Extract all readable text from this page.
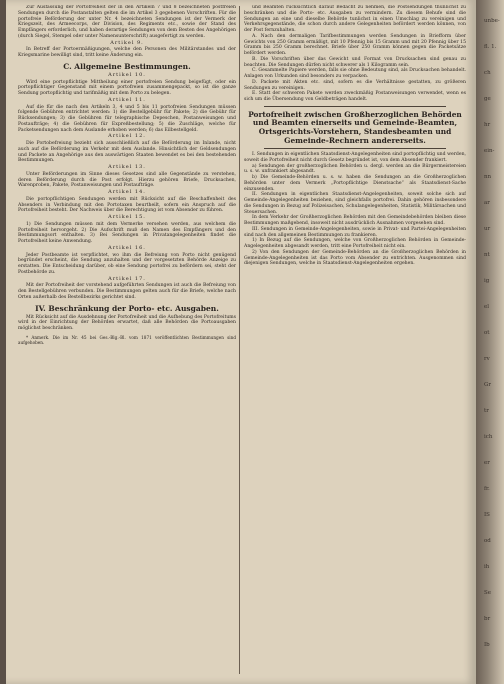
Zur Ausfassung der Portofreiheit der in den Artikeln 7 und 8 bezeichneten postfreien Sendungen durch die Postanstalten gelten die im Artikel 3 gegebenen Vorschriften. Für die portofreie Beförderung der unter Nr. 4 bezeichneten Sendungen ist der Vermerk der Kriegszeit, des Armeecorps, der Division, des Regiments etc., sowie der Stand des Empfängers erforderlich, und haben derartige Sendungen von dem Besten des Angehörigen (durch Siegel, Stempel oder unter Namensunterschrift) ausgefertigt zu werden.

Artikel 9.

In Betreff der Portoermäßigungen, welche den Personen des Militärstandes und der Kriegsmarine bewilligt sind, tritt keine Änderung ein.

C. Allgemeine Bestimmungen.

Artikel 10.

Wird eine portopflichtige Mittheilung einer portofreien Sendung beigefügt, oder ein portopflichtiger Gegenstand mit einem portofreien zusammengepackt, so ist die ganze Sendung portopflichtig und tarifmäßig mit dem Porto zu belegen.

Artikel 11.

Auf die für die nach den Artikeln 3, 4 und 5 bis 11 portofreien Sendungen müssen folgende Gebühren entrichtet werden: 1) die Bestellgebühr für Pakete; 2) die Gebühr für Rücksendungen; 3) die Gebühren für telegraphische Depeschen, Postanweisungen und Postaufträge; 4) die Gebühren für Expreßbestellung; 5) die Zuschläge, welche für Packetsendungen nach dem Auslande erhoben werden; 6) das Eilbestellgeld.

Artikel 12.

Die Portobefreiung bezieht sich ausschließlich auf die Beförderung im Inlande, nicht auch auf die Beförderung im Verkehr mit dem Auslande. Hinsichtlich der Geldsendungen und Packete an Angehörige aus den auswärtigen Staaten bewendet es bei den bestehenden Bestimmungen.

Artikel 13.

Unter Beförderungen im Sinne dieses Gesetzes sind alle Gegenstände zu verstehen, deren Beförderung durch die Post erfolgt. Hierzu gehören Briefe, Drucksachen, Warenproben, Pakete, Postanweisungen und Postaufträge.

Artikel 14.

Die portopflichtigen Sendungen werden mit Rücksicht auf die Beschaffenheit des Absenders in Verbindung mit den Portotaxen beurtheilt, sofern ein Anspruch auf die Portofreiheit besteht. Der Nachweis über die Berechtigung ist vom Absender zu führen.

Artikel 15.

1) Die Sendungen müssen mit dem Vermerke versehen werden, aus welchem die Portofreiheit hervorgeht. 2) Die Aufschrift muß den Namen des Empfängers und den Bestimmungsort enthalten. 3) Bei Sendungen in Privatangelegenheiten findet die Portofreiheit keine Anwendung.

Artikel 16.

Jeder Postbeamte ist verpflichtet, wo ihm die Befreiung von Porto nicht genügend begründet erscheint, die Sendung anzuhalten und der vorgesetzten Behörde Anzeige zu erstatten. Die Entscheidung darüber, ob eine Sendung portofrei zu befördern sei, steht der Postbehörde zu.

Artikel 17.

Mit der Portofreiheit der vorstehend aufgeführten Sendungen ist auch die Befreiung von den Bestellgebühren verbunden. Die Bestimmungen gelten auch für die Briefe, welche nach Orten außerhalb des Bestellbezirks gerichtet sind.

IV. Beschränkung der Porto- etc. Ausgaben.

Mit Rücksicht auf die Ausdehnung der Portofreiheit und die Aufhebung des Portofreitums wird in der Einrichtung der Behörden erwartet, daß alle Behörden die Portoausgaben möglichst beschränken.

* Anmerk. Die im Nr. 45 bei Ges.-Blg.-Bl. vom 1871 veröffentlichten Bestimmungen sind aufgehoben.

und Beamten rücksichtlich darauf Bedacht zu nehmen, die Postsendungen thunlichst zu beschränken und die Porto- etc. Ausgaben zu vermindern. Zu diesem Behufe sind die Sendungen an eine und dieselbe Behörde tunlichst in einen Umschlag zu vereinigen und Verkehrsgegenstände, die schon durch andere Gelegenheiten befördert werden können, von der Post fernzuhalten.

A. Nach den dermaligen Tarifbestimmungen werden Sendungen in Briefform über Gewichts von 250 Gramm ermäßigt, mit 10 Pfennig bis 15 Gramm und mit 20 Pfennig über 15 Gramm bis 250 Gramm berechnet. Briefe über 250 Gramm können gegen die Packetsätze befördert werden.

B. Die Vorschriften über das Gewicht und Format von Drucksachen sind genau zu beachten. Die Sendungen dürfen nicht schwerer als 1 Kilogramm sein.

C. Gesammelte Papiere werden, falls sie ohne Bedeutung sind, als Drucksachen behandelt. Anlagen von Urkunden sind besonders zu verpacken.

D. Packete mit Akten etc. sind, sofern es die Verhältnisse gestatten, zu größeren Sendungen zu vereinigen.

E. Statt der schweren Pakete werden zweckmäßig Postanweisungen verwendet, wenn es sich um die Übersendung von Geldbeträgen handelt.

Portofreiheit zwischen Großherzoglichen Behörden und Beamten einerseits und Gemeinde-Beamten, Ortsgerichts-Vorstehern, Standesbeamten und Gemeinde-Rechnern andererseits.

I. Sendungen in eigentlichen Staatsdienst-Angelegenheiten sind portopflichtig und werden, soweit die Portofreiheit nicht durch Gesetz begründet ist, von dem Absender frankiert.

a) Sendungen der großherzoglichen Behörden u. dergl. werden an die Bürgermeistereien u. s. w. unfrankiert abgesandt.

b) Die Gemeinde-Behörden u. s. w. haben die Sendungen an die Großherzoglichen Behörden unter dem Vermerk „Portopflichtige Dienstsache“ als Staatsdienst-Sache einzusenden.

II. Sendungen in eigentlichen Staatsdienst-Angelegenheiten, soweit solche sich auf Gemeinde-Angelegenheiten beziehen, sind gleichfalls portofrei. Dahin gehören insbesondere die Sendungen in Bezug auf Polizeisachen, Schulangelegenheiten, Statistik, Militärsachen und Steuersachen.

In dem Verkehr der Großherzoglichen Behörden mit den Gemeindebehörden bleiben diese Bestimmungen maßgebend, insoweit nicht ausdrücklich Ausnahmen vorgesehen sind.

III. Sendungen in Gemeinde-Angelegenheiten, sowie in Privat- und Partei-Angelegenheiten sind nach den allgemeinen Bestimmungen zu frankieren.

1) In Bezug auf die Sendungen, welche von Großherzoglichen Behörden in Gemeinde-Angelegenheiten abgesandt werden, tritt eine Portofreiheit nicht ein.

2) Von den Sendungen der Gemeinde-Behörden an die Großherzoglichen Behörden in Gemeinde-Angelegenheiten ist das Porto vom Absender zu entrichten. Ausgenommen sind diejenigen Sendungen, welche in Staatsdienst-Angelegenheiten ergehen.

unbe-
fl. 1.
ch
ge
hr
ein-
nn
ar
ur
nt
ig
el
ot
rv
Gr
tr
ich
er
fr.
IS
od
ih
Se
br
Ib
